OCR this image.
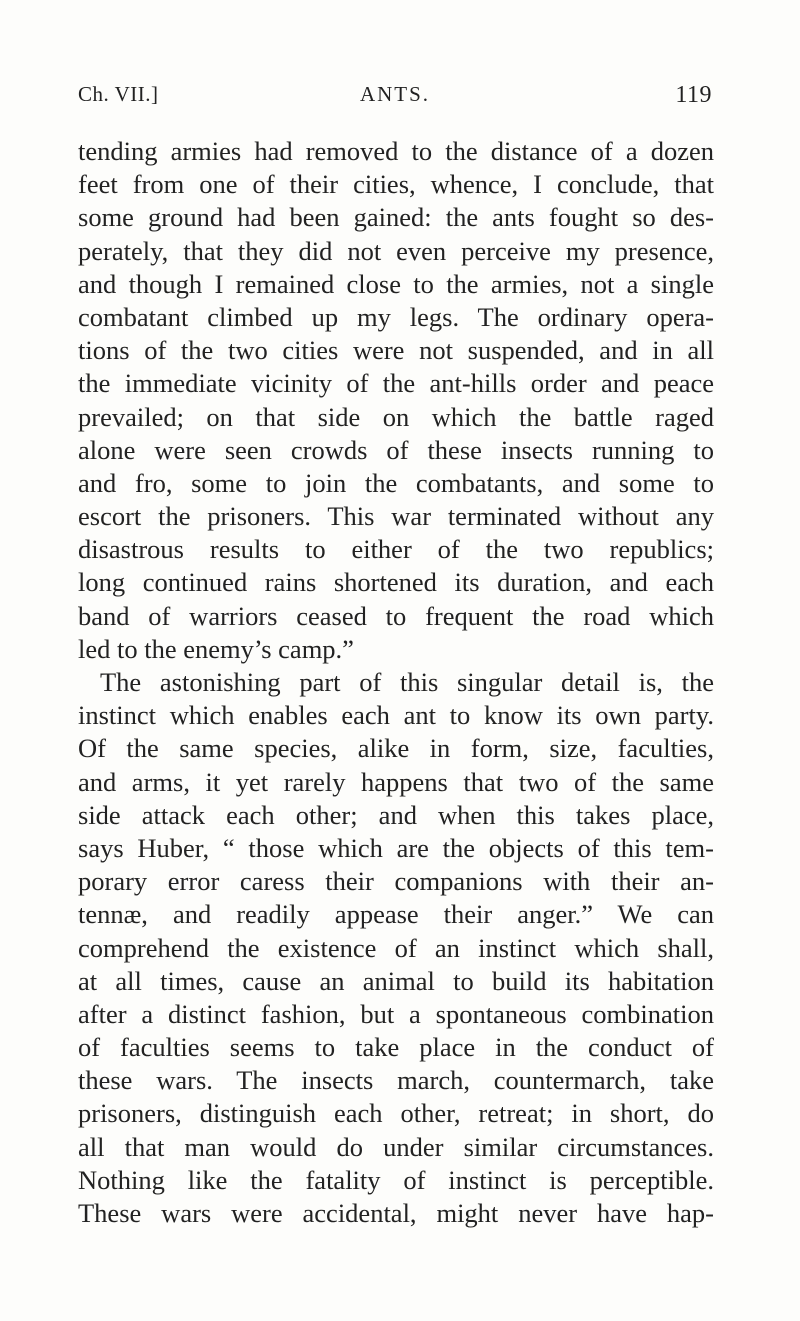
Ch. VII.]	ANTS.	119
tending armies had removed to the distance of a dozen
feet from one of their cities, whence, I conclude, that
some ground had been gained: the ants fought so des-
perately, that they did not even perceive my presence,
and though I remained close to the armies, not a single
combatant climbed up my legs. The ordinary opera-
tions of the two cities were not suspended, and in all
the immediate vicinity of the ant-hills order and peace
prevailed; on that side on which the battle raged
alone were seen crowds of these insects running to
and fro, some to join the combatants, and some to
escort the prisoners. This war terminated without any
disastrous results to either of the two republics;
long continued rains shortened its duration, and each
band of warriors ceased to frequent the road which
led to the enemy’s camp.”
The astonishing part of this singular detail is, the
instinct which enables each ant to know its own party.
Of the same species, alike in form, size, faculties,
and arms, it yet rarely happens that two of the same
side attack each other; and when this takes place,
says Huber, “ those which are the objects of this tem-
porary error caress their companions with their an-
tennæ, and readily appease their anger.” We can
comprehend the existence of an instinct which shall,
at all times, cause an animal to build its habitation
after a distinct fashion, but a spontaneous combination
of faculties seems to take place in the conduct of
these wars. The insects march, countermarch, take
prisoners, distinguish each other, retreat; in short, do
all that man would do under similar circumstances.
Nothing like the fatality of instinct is perceptible.
These wars were accidental, might never have hap-
